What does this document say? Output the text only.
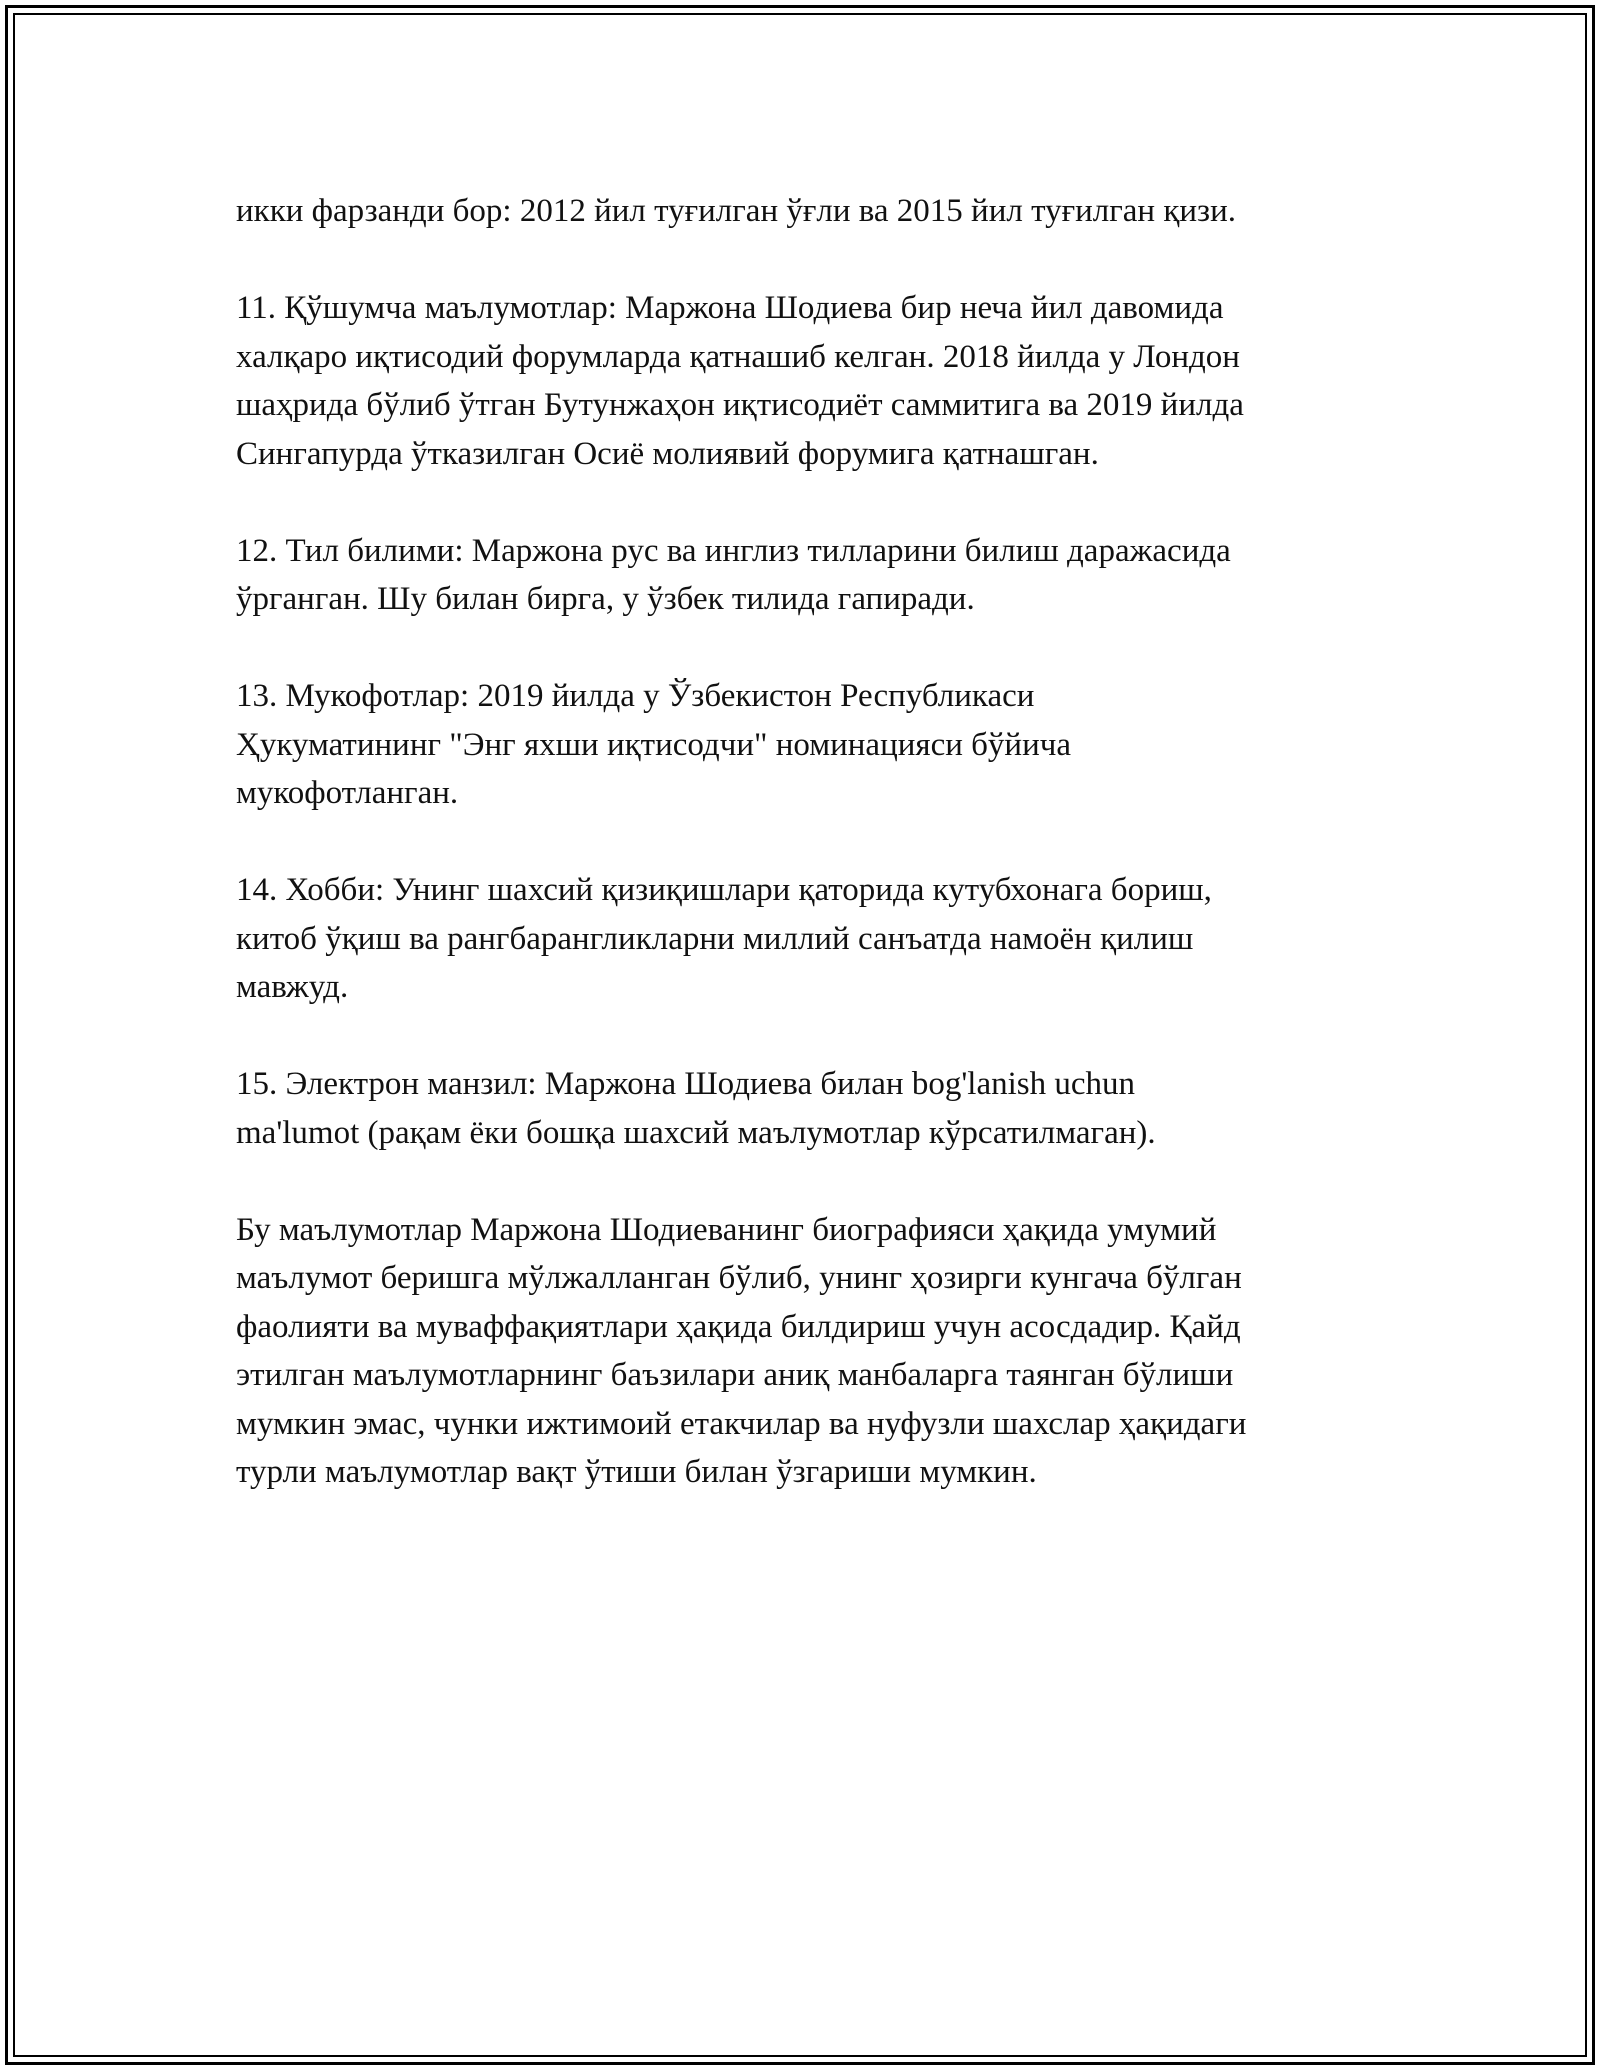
икки фарзанди бор: 2012 йил туғилган ўғли ва 2015 йил туғилган қизи.

11. Қўшумча маълумотлар: Маржона Шодиева бир неча йил давомида
халқаро иқтисодий форумларда қатнашиб келган. 2018 йилда у Лондон
шаҳрида бўлиб ўтган Бутунжаҳон иқтисодиёт саммитига ва 2019 йилда
Сингапурда ўтказилган Осиё молиявий форумига қатнашган.

12. Тил билими: Маржона рус ва инглиз тилларини билиш даражасида
ўрганган. Шу билан бирга, у ўзбек тилида гапиради.

13. Мукофотлар: 2019 йилда у Ўзбекистон Республикаси
Ҳукуматининг "Энг яхши иқтисодчи" номинацияси бўйича
мукофотланган.

14. Хобби: Унинг шахсий қизиқишлари қаторида кутубхонага бориш,
китоб ўқиш ва рангбарангликларни миллий санъатда намоён қилиш
мавжуд.

15. Электрон манзил: Маржона Шодиева билан bog'lanish uchun
ma'lumot (рақам ёки бошқа шахсий маълумотлар кўрсатилмаган).

Бу маълумотлар Маржона Шодиеванинг биографияси ҳақида умумий
маълумот беришга мўлжалланган бўлиб, унинг ҳозирги кунгача бўлган
фаолияти ва муваффақиятлари ҳақида билдириш учун асосдадир. Қайд
этилган маълумотларнинг баъзилари аниқ манбаларга таянган бўлиши
мумкин эмас, чунки ижтимоий етакчилар ва нуфузли шахслар ҳақидаги
турли маълумотлар вақт ўтиши билан ўзгариши мумкин.
